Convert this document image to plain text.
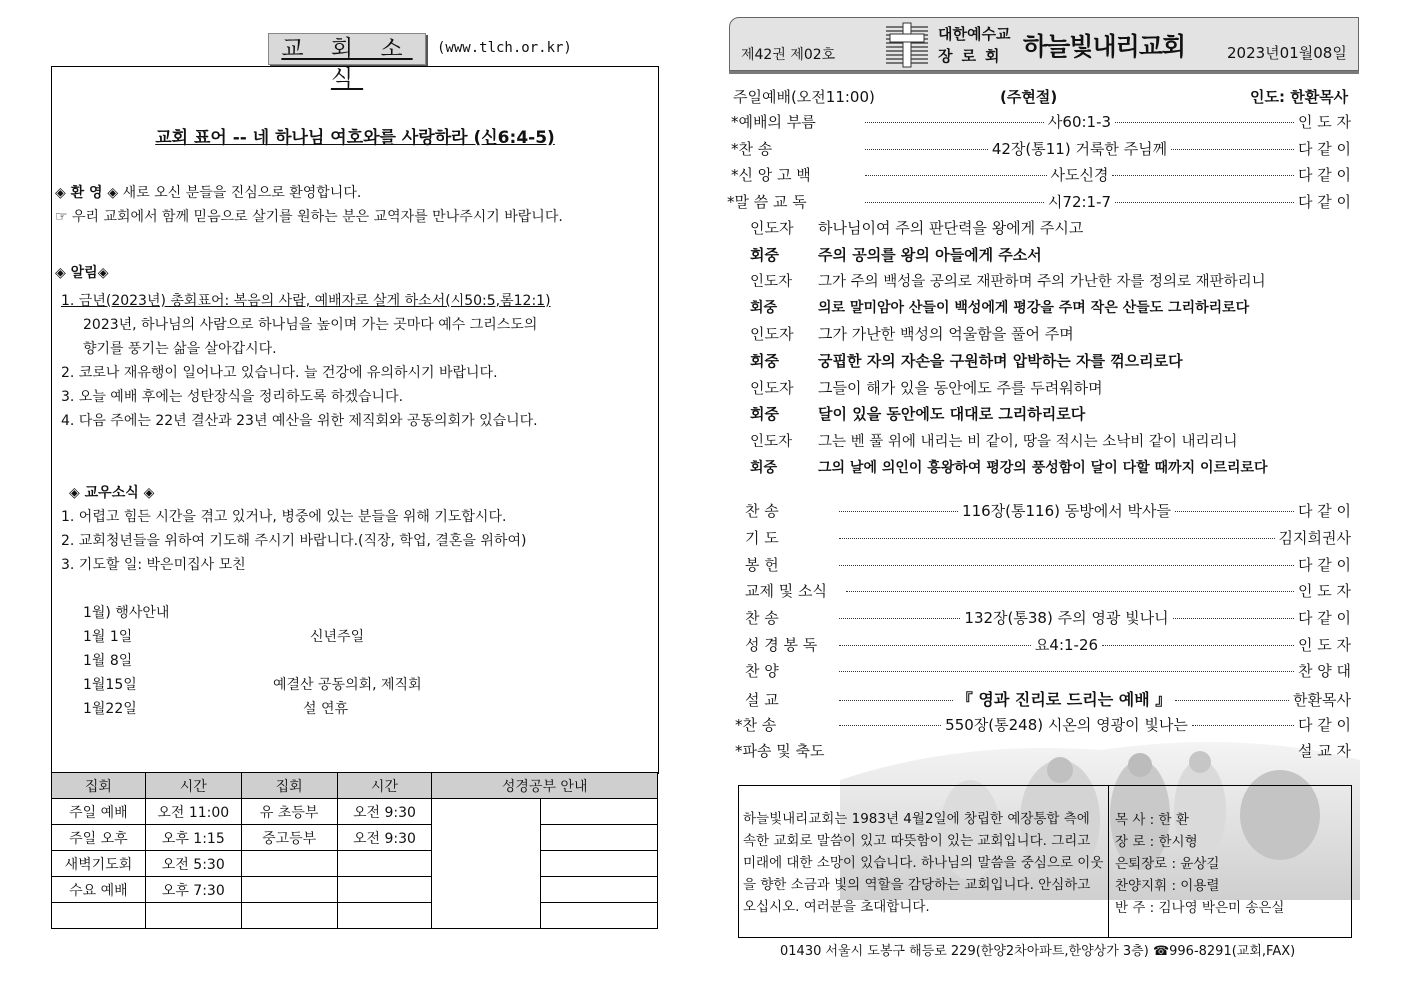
교 회 소 식
(www.tlch.or.kr)
교회 표어 -- 네 하나님 여호와를 사랑하라 (신6:4-5)
◈ 환 영 ◈ 새로 오신 분들을 진심으로 환영합니다.
☞ 우리 교회에서 함께 믿음으로 살기를 원하는 분은 교역자를 만나주시기 바랍니다.
◈ 알림◈
1. 금년(2023년) 총회표어: 복음의 사람, 예배자로 살게 하소서(시50:5,롬12:1)
2023년, 하나님의 사람으로 하나님을 높이며 가는 곳마다 예수 그리스도의
향기를 풍기는 삶을 살아갑시다.
2. 코로나 재유행이 일어나고 있습니다. 늘 건강에 유의하시기 바랍니다.
3. 오늘 예배 후에는 성탄장식을 정리하도록 하겠습니다.
4. 다음 주에는 22년 결산과 23년 예산을 위한 제직회와 공동의회가 있습니다.
◈ 교우소식 ◈
1. 어렵고 힘든 시간을 겪고 있거나, 병중에 있는 분들을 위해 기도합시다.
2. 교회청년들을 위하여 기도해 주시기 바랍니다.(직장, 학업, 결혼을 위하여)
3. 기도할 일: 박은미집사 모친
1월) 행사안내
1월 1일	신년주일
1월 8일
1월15일	예결산 공동의회, 제직회
1월22일	설 연휴
집회	시간	집회	시간	성경공부 안내	
주일 예배	오전 11:00	유 초등부	오전 9:30		
주일 오후	오후 1:15	중고등부	오전 9:30		
새벽기도회	오전 5:30				
수요 예배	오후 7:30				

제42권 제02호
대한예수교
장로회 하늘빛내리교회	2023년01월08일
주일예배(오전11:00)	(주현절)	인도: 한환목사
*예배의 부름	사60:1-3	인 도 자
*찬 송	42장(통11) 거룩한 주님께	다 같 이
*신 앙 고 백	사도신경	다 같 이
*말 씀 교 독	시72:1-7	다 같 이
인도자 하나님이여 주의 판단력을 왕에게 주시고
회중	주의 공의를 왕의 아들에게 주소서
인도자 그가 주의 백성을 공의로 재판하며 주의 가난한 자를 정의로 재판하리니
회중	의로 말미암아 산들이 백성에게 평강을 주며 작은 산들도 그리하리로다
인도자 그가 가난한 백성의 억울함을 풀어 주며
회중	궁핍한 자의 자손을 구원하며 압박하는 자를 꺾으리로다
인도자 그들이 해가 있을 동안에도 주를 두려워하며
회중	달이 있을 동안에도 대대로 그리하리로다
인도자 그는 벤 풀 위에 내리는 비 같이, 땅을 적시는 소낙비 같이 내리리니
회중	그의 날에 의인이 흥왕하여 평강의 풍성함이 달이 다할 때까지 이르리로다
찬 송	116장(통116) 동방에서 박사들	다 같 이
기 도	김지희권사
봉 헌	다 같 이
교제 및 소식	인 도 자
찬 송	132장(통38) 주의 영광 빛나니	다 같 이
성 경 봉 독	요4:1-26	인 도 자
찬 양	찬 양 대
설 교	『 영과 진리로 드리는 예배 』	한환목사
*찬 송	550장(통248) 시온의 영광이 빛나는	다 같 이
*파송 및 축도	설 교 자
하늘빛내리교회는 1983년 4월2일에 창립한 예장통합 측에 속한 교회로 말씀이 있고 따뜻함이 있는 교회입니다. 그리고 미래에 대한 소망이 있습니다. 하나님의 말씀을 중심으로 이웃을 향한 소금과 빛의 역할을 감당하는 교회입니다. 안심하고 오십시오. 여러분을 초대합니다.
목 사 : 한 환
장 로 : 한시형
은퇴장로 : 윤상길
찬양지휘 : 이용렬
반 주 : 김나영 박은미 송은실
01430 서울시 도봉구 해등로 229(한양2차아파트,한양상가 3층) ☎996-8291(교회,FAX)
